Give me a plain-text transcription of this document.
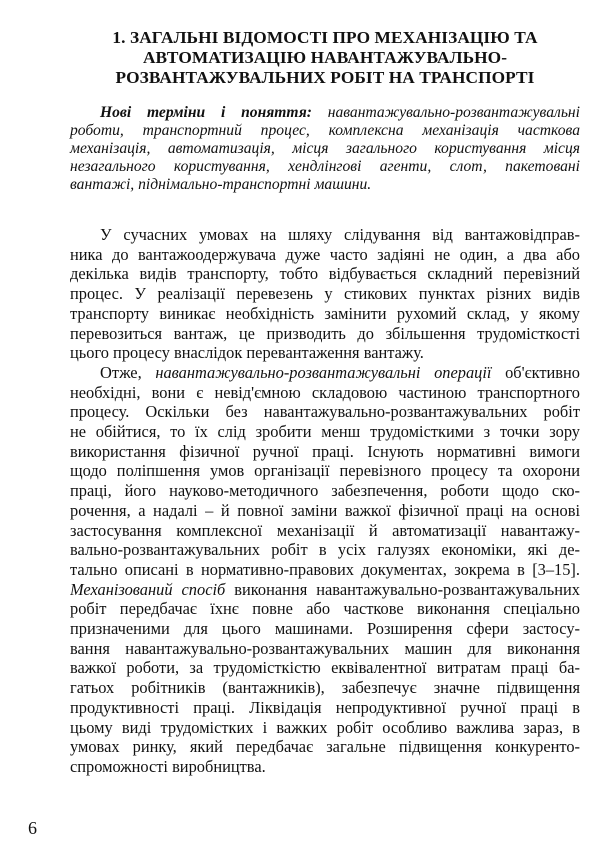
1. ЗАГАЛЬНІ ВІДОМОСТІ ПРО МЕХАНІЗАЦІЮ ТА
АВТОМАТИЗАЦІЮ НАВАНТАЖУВАЛЬНО-
РОЗВАНТАЖУВАЛЬНИХ РОБІТ НА ТРАНСПОРТІ
Нові терміни і поняття: навантажувально-розвантажувальні
роботи, транспортний процес, комплексна механізація часткова
механізація, автоматизація, місця загального користування місця
незагального користування, хендлінгові агенти, слот, пакетовані
вантажі, піднімально-транспортні машини.
У сучасних умовах на шляху слідування від вантажовідправ-
ника до вантажоодержувача дуже часто задіяні не один, а два або
декілька видів транспорту, тобто відбувається складний перевізний
процес. У реалізації перевезень у стикових пунктах різних видів
транспорту виникає необхідність замінити рухомий склад, у якому
перевозиться вантаж, це призводить до збільшення трудомісткості
цього процесу внаслідок перевантаження вантажу.
Отже, навантажувально-розвантажувальні операції об'єктивно
необхідні, вони є невід'ємною складовою частиною транспортного
процесу. Оскільки без навантажувально-розвантажувальних робіт
не обійтися, то їх слід зробити менш трудомісткими з точки зору
використання фізичної ручної праці. Існують нормативні вимоги
щодо поліпшення умов організації перевізного процесу та охорони
праці, його науково-методичного забезпечення, роботи щодо ско-
рочення, а надалі – й повної заміни важкої фізичної праці на основі
застосування комплексної механізації й автоматизації навантажу-
вально-розвантажувальних робіт в усіх галузях економіки, які де-
тально описані в нормативно-правових документах, зокрема в [3–15].
Механізований спосіб виконання навантажувально-розвантажувальних
робіт передбачає їхнє повне або часткове виконання спеціально
призначеними для цього машинами. Розширення сфери застосу-
вання навантажувально-розвантажувальних машин для виконання
важкої роботи, за трудомісткістю еквівалентної витратам праці ба-
гатьох робітників (вантажників), забезпечує значне підвищення
продуктивності праці. Ліквідація непродуктивної ручної праці в
цьому виді трудомістких і важких робіт особливо важлива зараз, в
умовах ринку, який передбачає загальне підвищення конкуренто-
спроможності виробництва.
6
